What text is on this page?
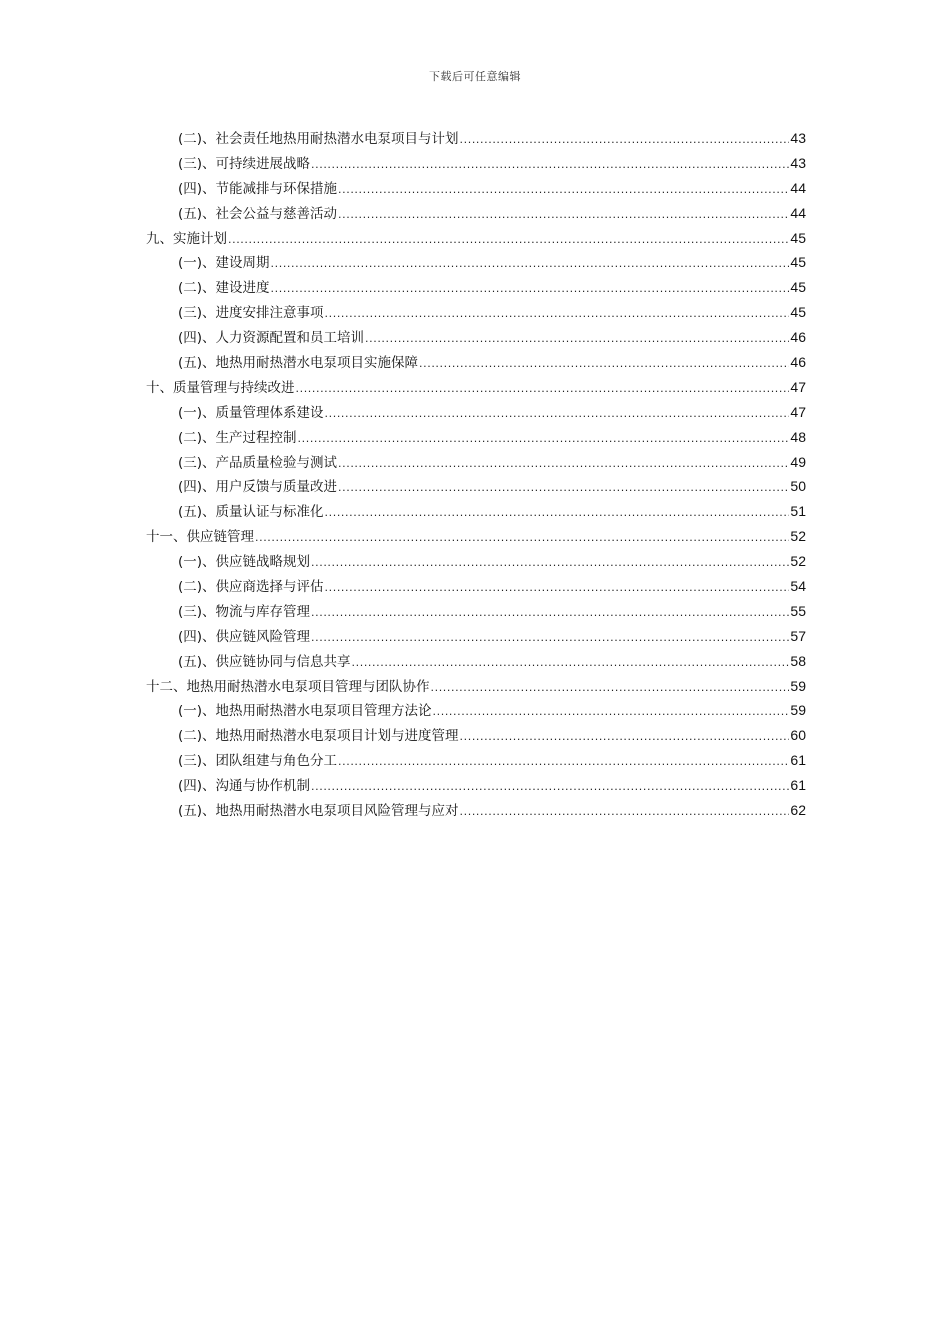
下载后可任意编辑
(二)、社会责任地热用耐热潜水电泵项目与计划 .....	43
(三)、可持续进展战略 .....	43
(四)、节能减排与环保措施 .....	44
(五)、社会公益与慈善活动 .....	44
九、实施计划 .....	45
(一)、建设周期 .....	45
(二)、建设进度 .....	45
(三)、进度安排注意事项 .....	45
(四)、人力资源配置和员工培训 .....	46
(五)、地热用耐热潜水电泵项目实施保障 .....	46
十、质量管理与持续改进 .....	47
(一)、质量管理体系建设 .....	47
(二)、生产过程控制 .....	48
(三)、产品质量检验与测试 .....	49
(四)、用户反馈与质量改进 .....	50
(五)、质量认证与标准化 .....	51
十一、供应链管理 .....	52
(一)、供应链战略规划 .....	52
(二)、供应商选择与评估 .....	54
(三)、物流与库存管理 .....	55
(四)、供应链风险管理 .....	57
(五)、供应链协同与信息共享 .....	58
十二、地热用耐热潜水电泵项目管理与团队协作 .....	59
(一)、地热用耐热潜水电泵项目管理方法论 .....	59
(二)、地热用耐热潜水电泵项目计划与进度管理 .....	60
(三)、团队组建与角色分工 .....	61
(四)、沟通与协作机制 .....	61
(五)、地热用耐热潜水电泵项目风险管理与应对 .....	62
